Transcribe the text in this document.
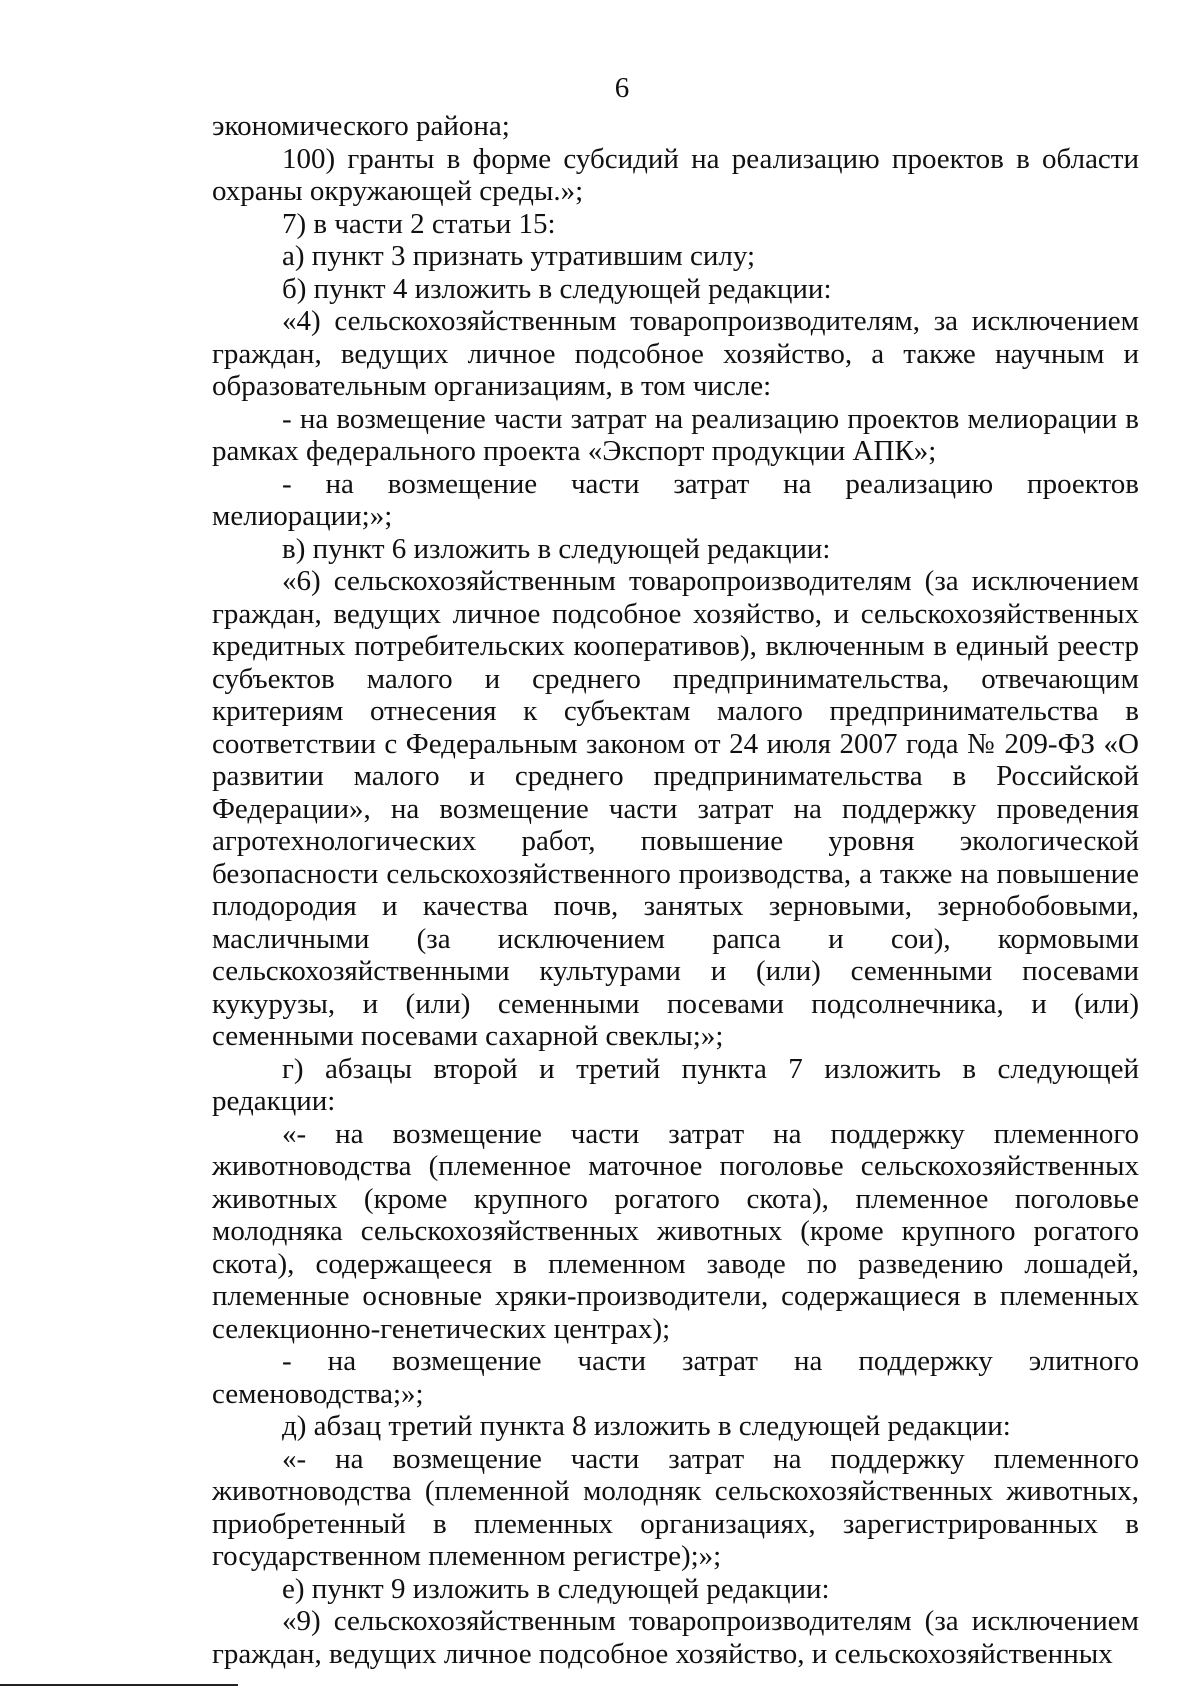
6

экономического района;

100) гранты в форме субсидий на реализацию проектов в области охраны окружающей среды.»;

7) в части 2 статьи 15:

а) пункт 3 признать утратившим силу;

б) пункт 4 изложить в следующей редакции:

«4) сельскохозяйственным товаропроизводителям, за исключением граждан, ведущих личное подсобное хозяйство, а также научным и образовательным организациям, в том числе:

- на возмещение части затрат на реализацию проектов мелиорации в рамках федерального проекта «Экспорт продукции АПК»;

- на возмещение части затрат на реализацию проектов мелиорации;»;

в) пункт 6 изложить в следующей редакции:

«6) сельскохозяйственным товаропроизводителям (за исключением граждан, ведущих личное подсобное хозяйство, и сельскохозяйственных кредитных потребительских кооперативов), включенным в единый реестр субъектов малого и среднего предпринимательства, отвечающим критериям отнесения к субъектам малого предпринимательства в соответствии с Федеральным законом от 24 июля 2007 года № 209-ФЗ «О развитии малого и среднего предпринимательства в Российской Федерации», на возмещение части затрат на поддержку проведения агротехнологических работ, повышение уровня экологической безопасности сельскохозяйственного производства, а также на повышение плодородия и качества почв, занятых зерновыми, зернобобовыми, масличными (за исключением рапса и сои), кормовыми сельскохозяйственными культурами и (или) семенными посевами кукурузы, и (или) семенными посевами подсолнечника, и (или) семенными посевами сахарной свеклы;»;

г) абзацы второй и третий пункта 7 изложить в следующей редакции:

«- на возмещение части затрат на поддержку племенного животноводства (племенное маточное поголовье сельскохозяйственных животных (кроме крупного рогатого скота), племенное поголовье молодняка сельскохозяйственных животных (кроме крупного рогатого скота), содержащееся в племенном заводе по разведению лошадей, племенные основные хряки-производители, содержащиеся в племенных селекционно-генетических центрах);

- на возмещение части затрат на поддержку элитного семеноводства;»;

д) абзац третий пункта 8 изложить в следующей редакции:

«- на возмещение части затрат на поддержку племенного животноводства (племенной молодняк сельскохозяйственных животных, приобретенный в племенных организациях, зарегистрированных в государственном племенном регистре);»;

е) пункт 9 изложить в следующей редакции:

«9) сельскохозяйственным товаропроизводителям (за исключением граждан, ведущих личное подсобное хозяйство, и сельскохозяйственных
